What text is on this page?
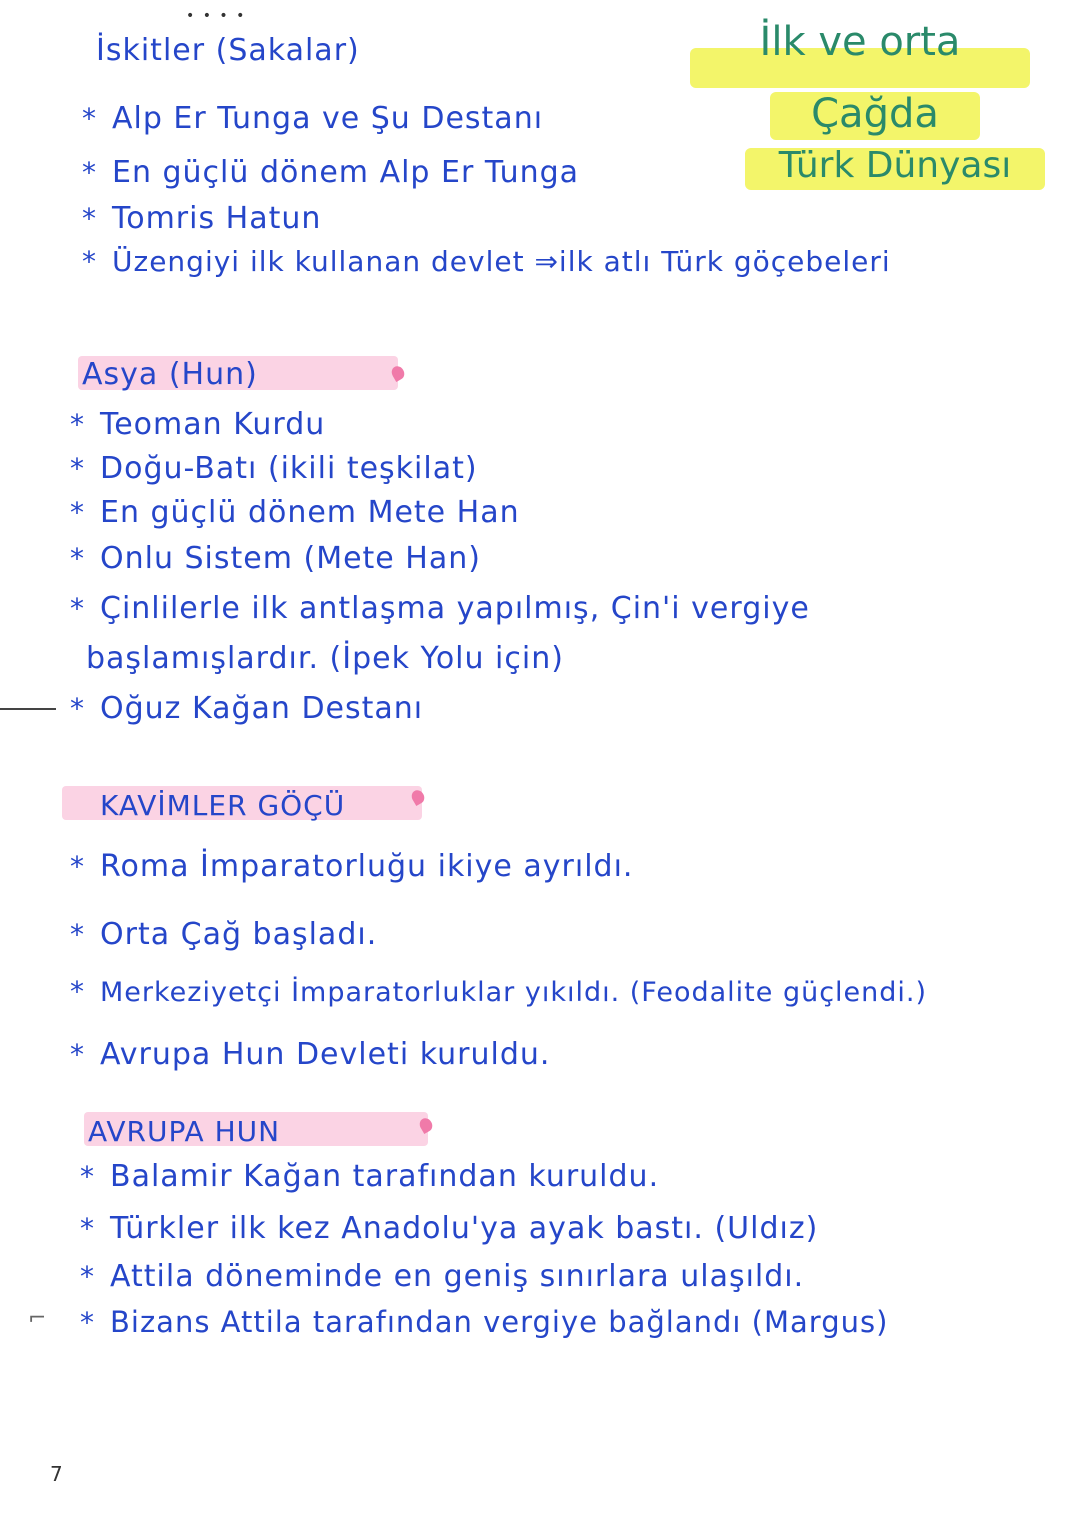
• • • •
İlk ve orta
Çağda
Türk Dünyası
İskitler (Sakalar)
* Alp Er Tunga ve Şu Destanı
* En güçlü dönem Alp Er Tunga
* Tomris Hatun
* Üzengiyi ilk kullanan devlet ⇒ilk atlı Türk göçebeleri
Asya (Hun)
* Teoman Kurdu
* Doğu-Batı (ikili teşkilat)
* En güçlü dönem Mete Han
* Onlu Sistem (Mete Han)
* Çinlilerle ilk antlaşma yapılmış, Çin'i vergiye
başlamışlardır. (İpek Yolu için)
* Oğuz Kağan Destanı
KAVİMLER GÖÇÜ
* Roma İmparatorluğu ikiye ayrıldı.
* Orta Çağ başladı.
* Merkeziyetçi İmparatorluklar yıkıldı. (Feodalite güçlendi.)
* Avrupa Hun Devleti kuruldu.
AVRUPA HUN
* Balamir Kağan tarafından kuruldu.
* Türkler ilk kez Anadolu'ya ayak bastı. (Uldız)
* Attila döneminde en geniş sınırlara ulaşıldı.
⌐ * Bizans Attila tarafından vergiye bağlandı (Margus)
7
